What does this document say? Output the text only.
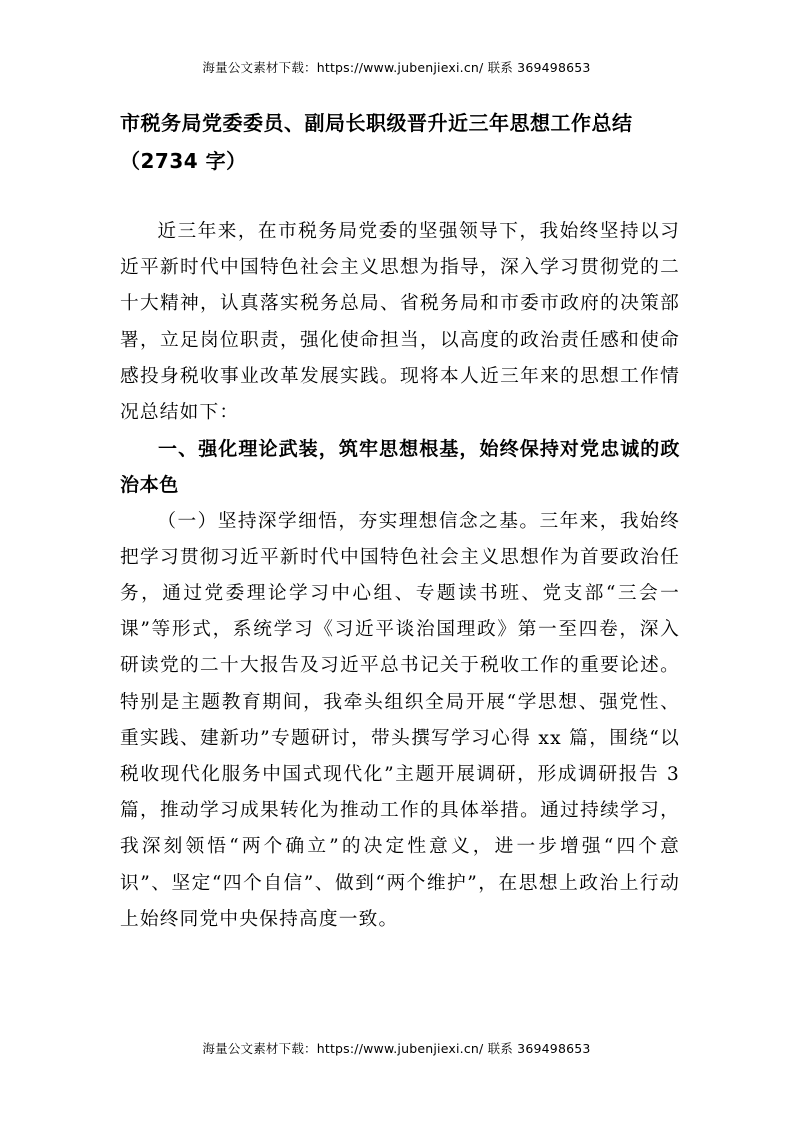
海量公文素材下载：https://www.jubenjiexi.cn/ 联系 369498653
市税务局党委委员、副局长职级晋升近三年思想工作总结（2734 字）

近三年来，在市税务局党委的坚强领导下，我始终坚持以习近平新时代中国特色社会主义思想为指导，深入学习贯彻党的二十大精神，认真落实税务总局、省税务局和市委市政府的决策部署，立足岗位职责，强化使命担当，以高度的政治责任感和使命感投身税收事业改革发展实践。现将本人近三年来的思想工作情况总结如下：

一、强化理论武装，筑牢思想根基，始终保持对党忠诚的政治本色

（一）坚持深学细悟，夯实理想信念之基。三年来，我始终把学习贯彻习近平新时代中国特色社会主义思想作为首要政治任务，通过党委理论学习中心组、专题读书班、党支部“三会一课”等形式，系统学习《习近平谈治国理政》第一至四卷，深入研读党的二十大报告及习近平总书记关于税收工作的重要论述。特别是主题教育期间，我牵头组织全局开展“学思想、强党性、重实践、建新功”专题研讨，带头撰写学习心得 xx 篇，围绕“以税收现代化服务中国式现代化”主题开展调研，形成调研报告 3 篇，推动学习成果转化为推动工作的具体举措。通过持续学习，我深刻领悟“两个确立”的决定性意义，进一步增强“四个意识”、坚定“四个自信”、做到“两个维护”，在思想上政治上行动上始终同党中央保持高度一致。

海量公文素材下载：https://www.jubenjiexi.cn/ 联系 369498653
